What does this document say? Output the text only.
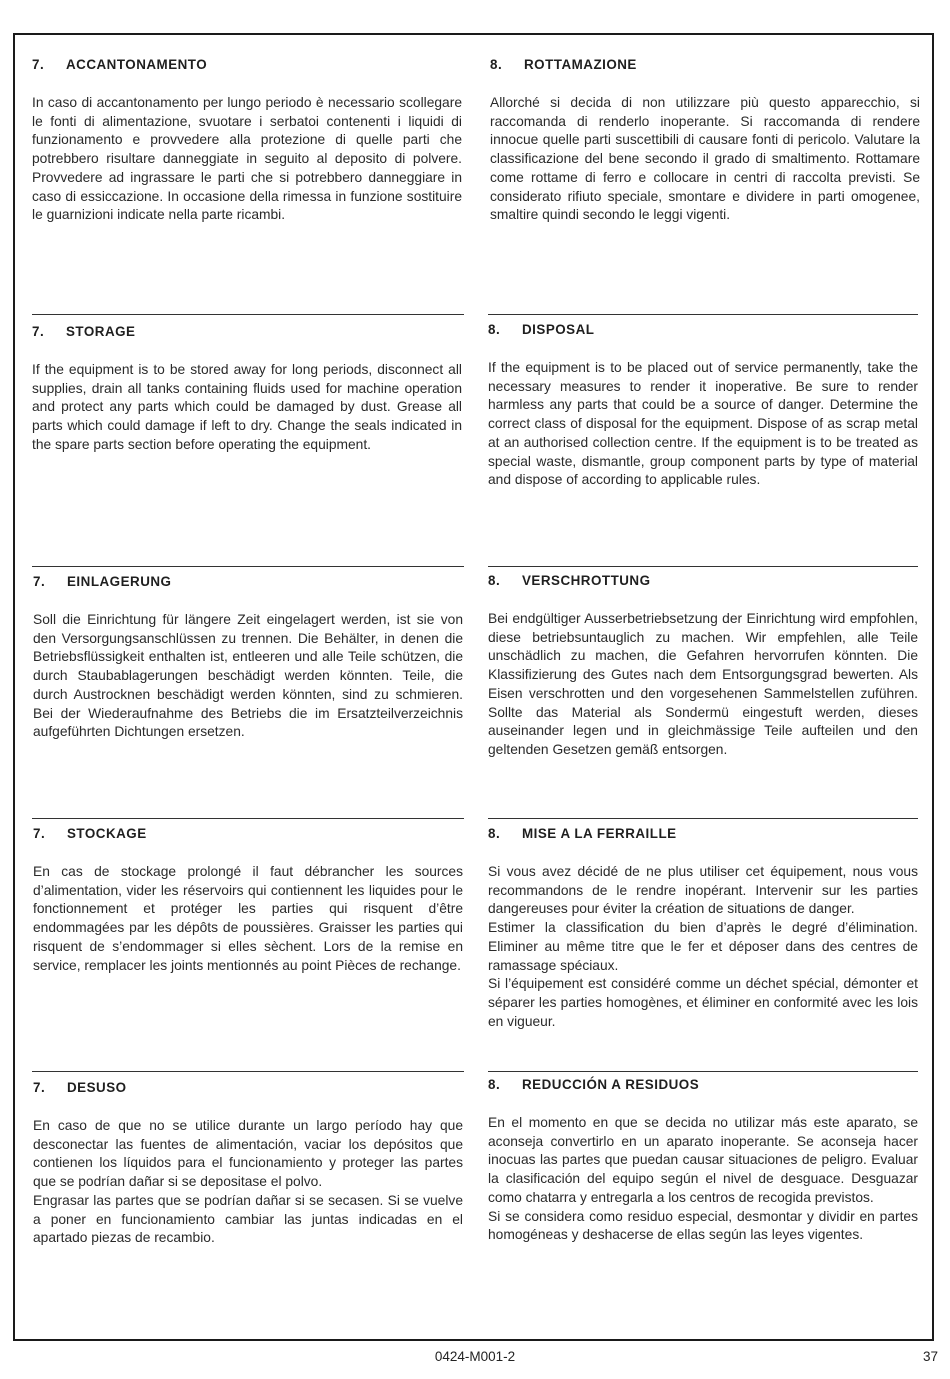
7. ACCANTONAMENTO

In caso di accantonamento per lungo periodo è necessario scollegare le fonti di alimentazione, svuotare i serbatoi contenenti i liquidi di funzionamento e provvedere alla protezione di quelle parti che potrebbero risultare danneggiate in seguito al deposito di polvere. Provvedere ad ingrassare le parti che si potrebbero danneggiare in caso di essiccazione. In occasione della rimessa in funzione sostituire le guarnizioni indicate nella parte ricambi.

8. ROTTAMAZIONE

Allorché si decida di non utilizzare più questo apparecchio, si raccomanda di renderlo inoperante. Si raccomanda di rendere innocue quelle parti suscettibili di causare fonti di pericolo. Valutare la classificazione del bene secondo il grado di smaltimento. Rottamare come rottame di ferro e collocare in centri di raccolta previsti. Se considerato rifiuto speciale, smontare e dividere in parti omogenee, smaltire quindi secondo le leggi vigenti.

7. STORAGE

If the equipment is to be stored away for long periods, disconnect all supplies, drain all tanks containing fluids used for machine operation and protect any parts which could be damaged by dust. Grease all parts which could damage if left to dry. Change the seals indicated in the spare parts section before operating the equipment.

8. DISPOSAL

If the equipment is to be placed out of service permanently, take the necessary measures to render it inoperative. Be sure to render harmless any parts that could be a source of danger. Determine the correct class of disposal for the equipment. Dispose of as scrap metal at an authorised collection centre. If the equipment is to be treated as special waste, dismantle, group component parts by type of material and dispose of according to applicable rules.

7. EINLAGERUNG

Soll die Einrichtung für längere Zeit eingelagert werden, ist sie von den Versorgungsanschlüssen zu trennen. Die Behälter, in denen die Betriebsflüssigkeit enthalten ist, entleeren und alle Teile schützen, die durch Staubablagerungen beschädigt werden könnten. Teile, die durch Austrocknen beschädigt werden könnten, sind zu schmieren. Bei der Wiederaufnahme des Betriebs die im Ersatzteilverzeichnis aufgeführten Dichtungen ersetzen.

8. VERSCHROTTUNG

Bei endgültiger Ausserbetriebsetzung der Einrichtung wird empfohlen, diese betriebsuntauglich zu machen. Wir empfehlen, alle Teile unschädlich zu machen, die Gefahren hervorrufen könnten. Die Klassifizierung des Gutes nach dem Entsorgungsgrad bewerten. Als Eisen verschrotten und den vorgesehenen Sammelstellen zuführen. Sollte das Material als Sondermü eingestuft werden, dieses auseinander legen und in gleichmässige Teile aufteilen und den geltenden Gesetzen gemäß entsorgen.

7. STOCKAGE

En cas de stockage prolongé il faut débrancher les sources d’alimentation, vider les réservoirs qui contiennent les liquides pour le fonctionnement et protéger les parties qui risquent d’être endommagées par les dépôts de poussières. Graisser les parties qui risquent de s’endommager si elles sèchent. Lors de la remise en service, remplacer les joints mentionnés au point Pièces de rechange.

8. MISE A LA FERRAILLE

Si vous avez décidé de ne plus utiliser cet équipement, nous vous recommandons de le rendre inopérant. Intervenir sur les parties dangereuses pour éviter la création de situations de danger.

Estimer la classification du bien d’après le degré d’élimination. Eliminer au même titre que le fer et déposer dans des centres de ramassage spéciaux.

Si l’équipement est considéré comme un déchet spécial, démonter et séparer les parties homogènes, et éliminer en conformité avec les lois en vigueur.

7. DESUSO

En caso de que no se utilice durante un largo período hay que desconectar las fuentes de alimentación, vaciar los depósitos que contienen los líquidos para el funcionamiento y proteger las partes que se podrían dañar si se depositase el polvo.

Engrasar las partes que se podrían dañar si se secasen. Si se vuelve a poner en funcionamiento cambiar las juntas indicadas en el apartado piezas de recambio.

8. REDUCCIÓN A RESIDUOS

En el momento en que se decida no utilizar más este aparato, se aconseja convertirlo en un aparato inoperante. Se aconseja hacer inocuas las partes que puedan causar situaciones de peligro. Evaluar la clasificación del equipo según el nivel de desguace. Desguazar como chatarra y entregarla a los centros de recogida previstos.

Si se considera como residuo especial, desmontar y dividir en partes homogéneas y deshacerse de ellas según las leyes vigentes.

0424-M001-2	37
